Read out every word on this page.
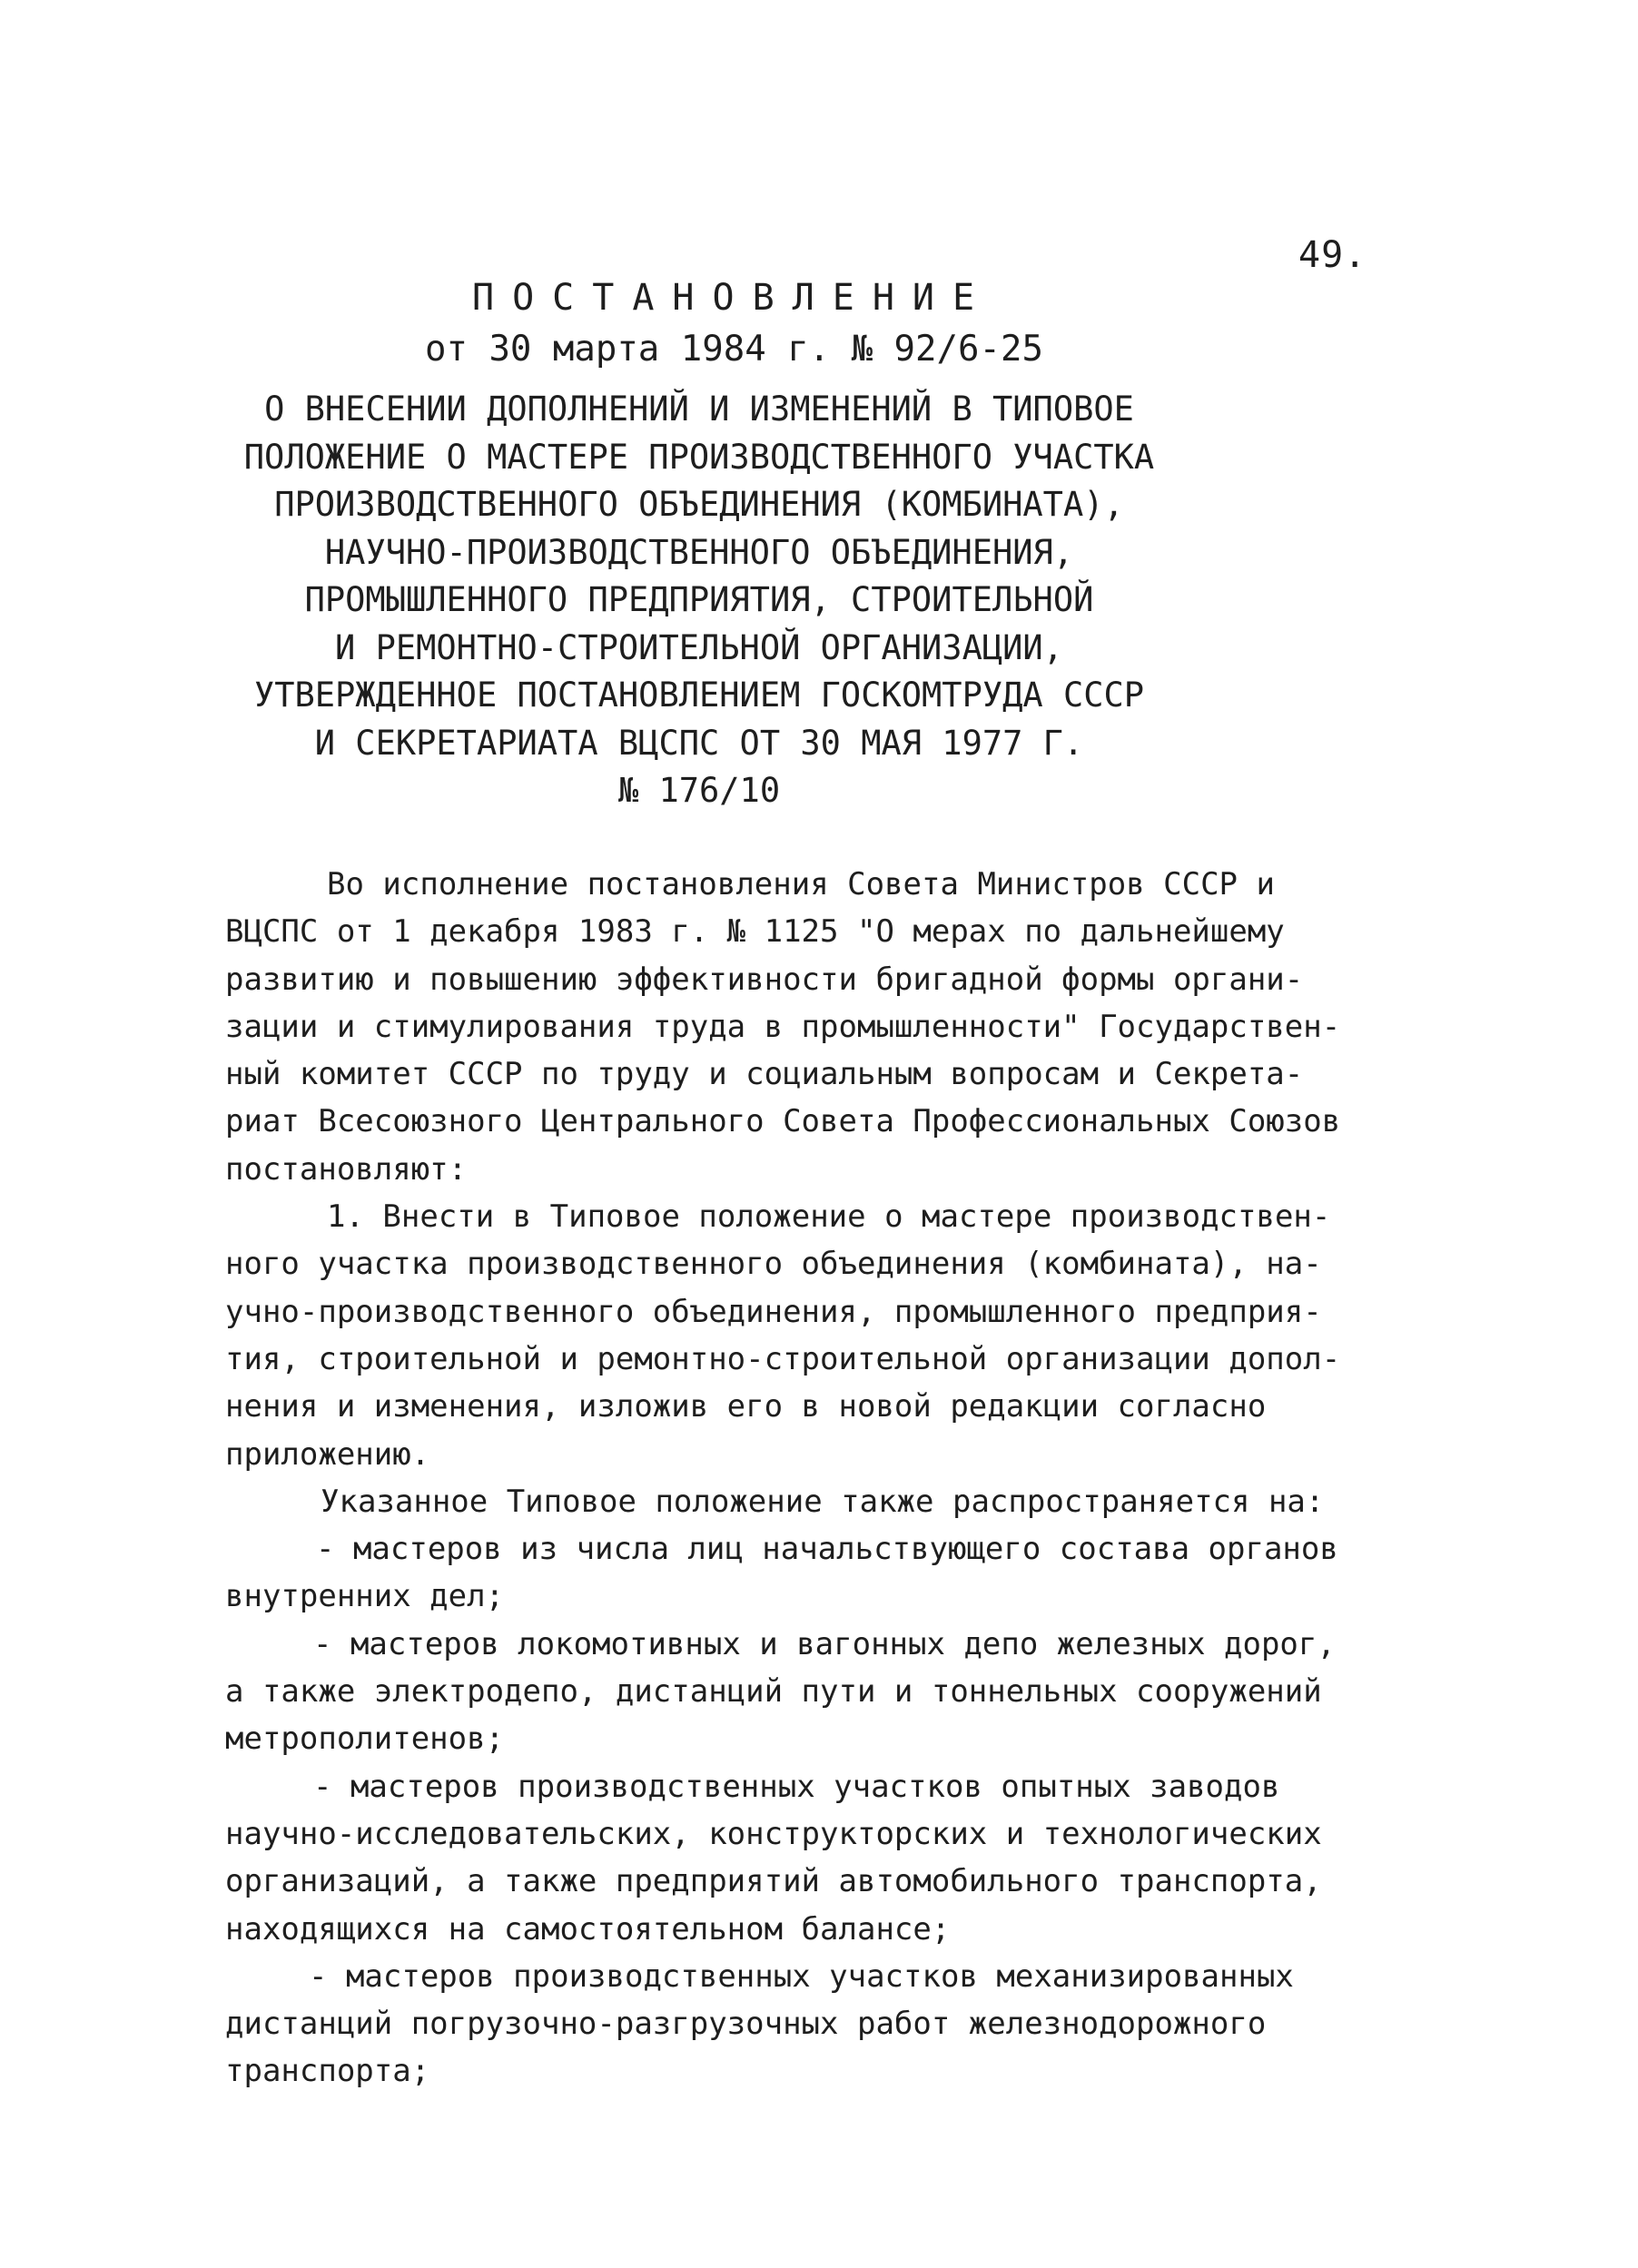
49.
ПОСТАНОВЛЕНИЕ
от 30 марта 1984 г. № 92/6-25
О ВНЕСЕНИИ ДОПОЛНЕНИЙ И ИЗМЕНЕНИЙ В ТИПОВОЕ
ПОЛОЖЕНИЕ О МАСТЕРЕ ПРОИЗВОДСТВЕННОГО УЧАСТКА
ПРОИЗВОДСТВЕННОГО ОБЪЕДИНЕНИЯ (КОМБИНАТА),
НАУЧНО-ПРОИЗВОДСТВЕННОГО ОБЪЕДИНЕНИЯ,
ПРОМЫШЛЕННОГО ПРЕДПРИЯТИЯ, СТРОИТЕЛЬНОЙ
И РЕМОНТНО-СТРОИТЕЛЬНОЙ ОРГАНИЗАЦИИ,
УТВЕРЖДЕННОЕ ПОСТАНОВЛЕНИЕМ ГОСКОМТРУДА СССР
И СЕКРЕТАРИАТА ВЦСПС ОТ 30 МАЯ 1977 Г.
№ 176/10
Во исполнение постановления Совета Министров СССР и
ВЦСПС от 1 декабря 1983 г. № 1125 "О мерах по дальнейшему
развитию и повышению эффективности бригадной формы органи-
зации и стимулирования труда в промышленности" Государствен-
ный комитет СССР по труду и социальным вопросам и Секрета-
риат Всесоюзного Центрального Совета Профессиональных Союзов
постановляют:
1. Внести в Типовое положение о мастере производствен-
ного участка производственного объединения (комбината), на-
учно-производственного объединения, промышленного предприя-
тия, строительной и ремонтно-строительной организации допол-
нения и изменения, изложив его в новой редакции согласно
приложению.
Указанное Типовое положение также распространяется на:
- мастеров из числа лиц начальствующего состава органов
внутренних дел;
- мастеров локомотивных и вагонных депо железных дорог,
а также электродепо, дистанций пути и тоннельных сооружений
метрополитенов;
- мастеров производственных участков опытных заводов
научно-исследовательских, конструкторских и технологических
организаций, а также предприятий автомобильного транспорта,
находящихся на самостоятельном балансе;
- мастеров производственных участков механизированных
дистанций погрузочно-разгрузочных работ железнодорожного
транспорта;
